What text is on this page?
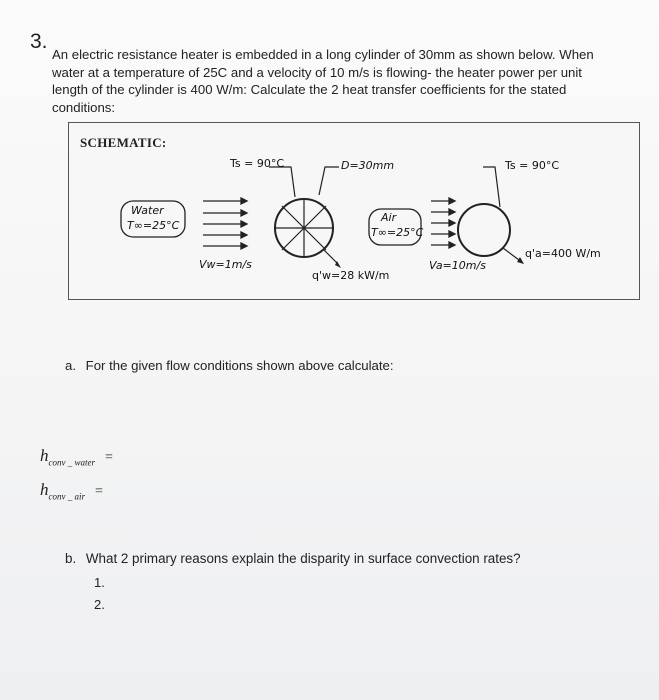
3.
An electric resistance heater is embedded in a long cylinder of 30mm as shown below. When
water at a temperature of 25C and a velocity of 10 m/s is flowing- the heater power per unit
length of the cylinder is 400 W/m: Calculate the 2 heat transfer coefficients for the stated
conditions:
SCHEMATIC:
Ts = 90°C	D=30mm	Ts = 90°C
Water
T∞=25°C
Air
T∞=25°C
Vw=1m/s
q'w=28 kW/m
Va=10m/s
q'a=400 W/m

a. For the given flow conditions shown above calculate:
$h_{conv \_ water}$ =
$h_{conv \_ air}$ =
b. What 2 primary reasons explain the disparity in surface convection rates?
1.
2.
